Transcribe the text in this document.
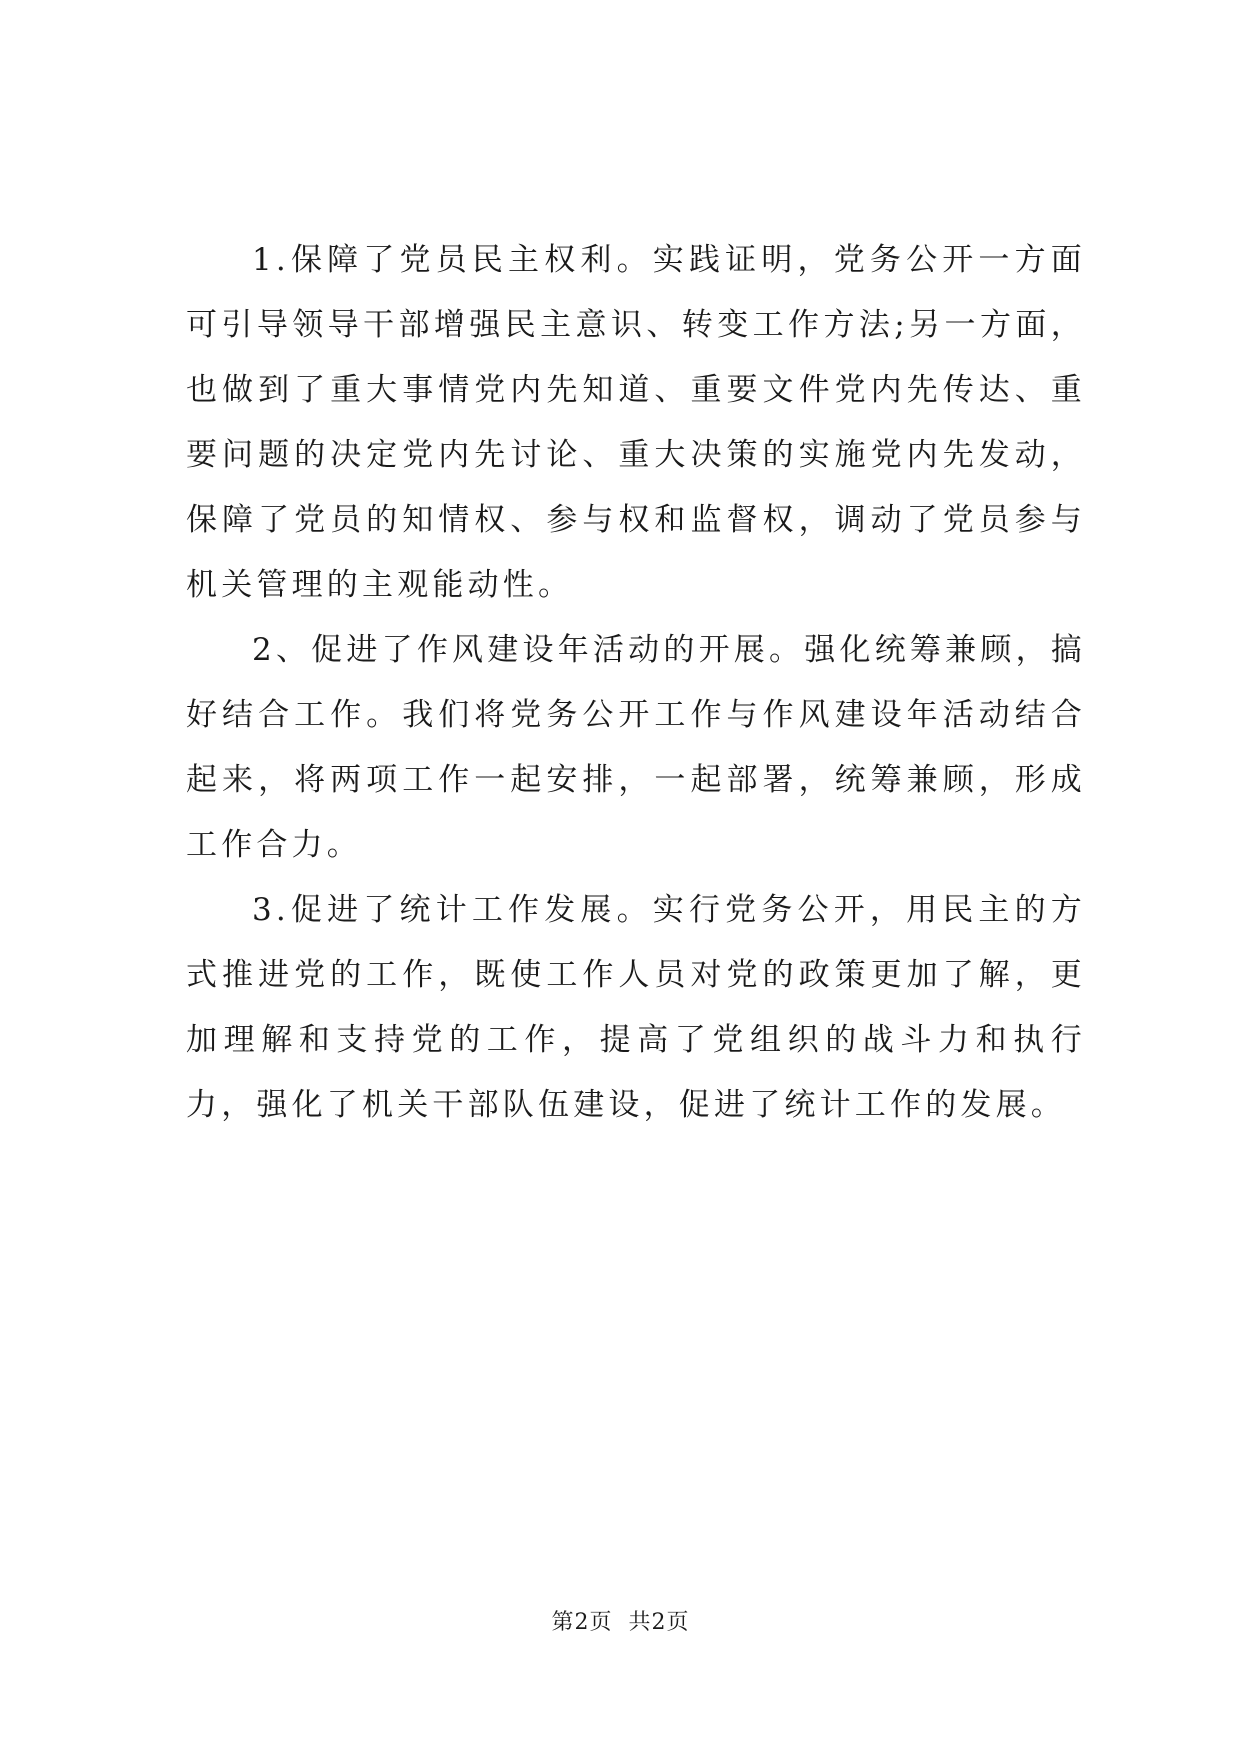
1.保障了党员民主权利。实践证明，党务公开一方面可引导领导干部增强民主意识、转变工作方法;另一方面，也做到了重大事情党内先知道、重要文件党内先传达、重要问题的决定党内先讨论、重大决策的实施党内先发动，保障了党员的知情权、参与权和监督权，调动了党员参与机关管理的主观能动性。

2、促进了作风建设年活动的开展。强化统筹兼顾，搞好结合工作。我们将党务公开工作与作风建设年活动结合起来，将两项工作一起安排，一起部署，统筹兼顾，形成工作合力。

3.促进了统计工作发展。实行党务公开，用民主的方式推进党的工作，既使工作人员对党的政策更加了解，更加理解和支持党的工作，提高了党组织的战斗力和执行力，强化了机关干部队伍建设，促进了统计工作的发展。

第2页 共2页
